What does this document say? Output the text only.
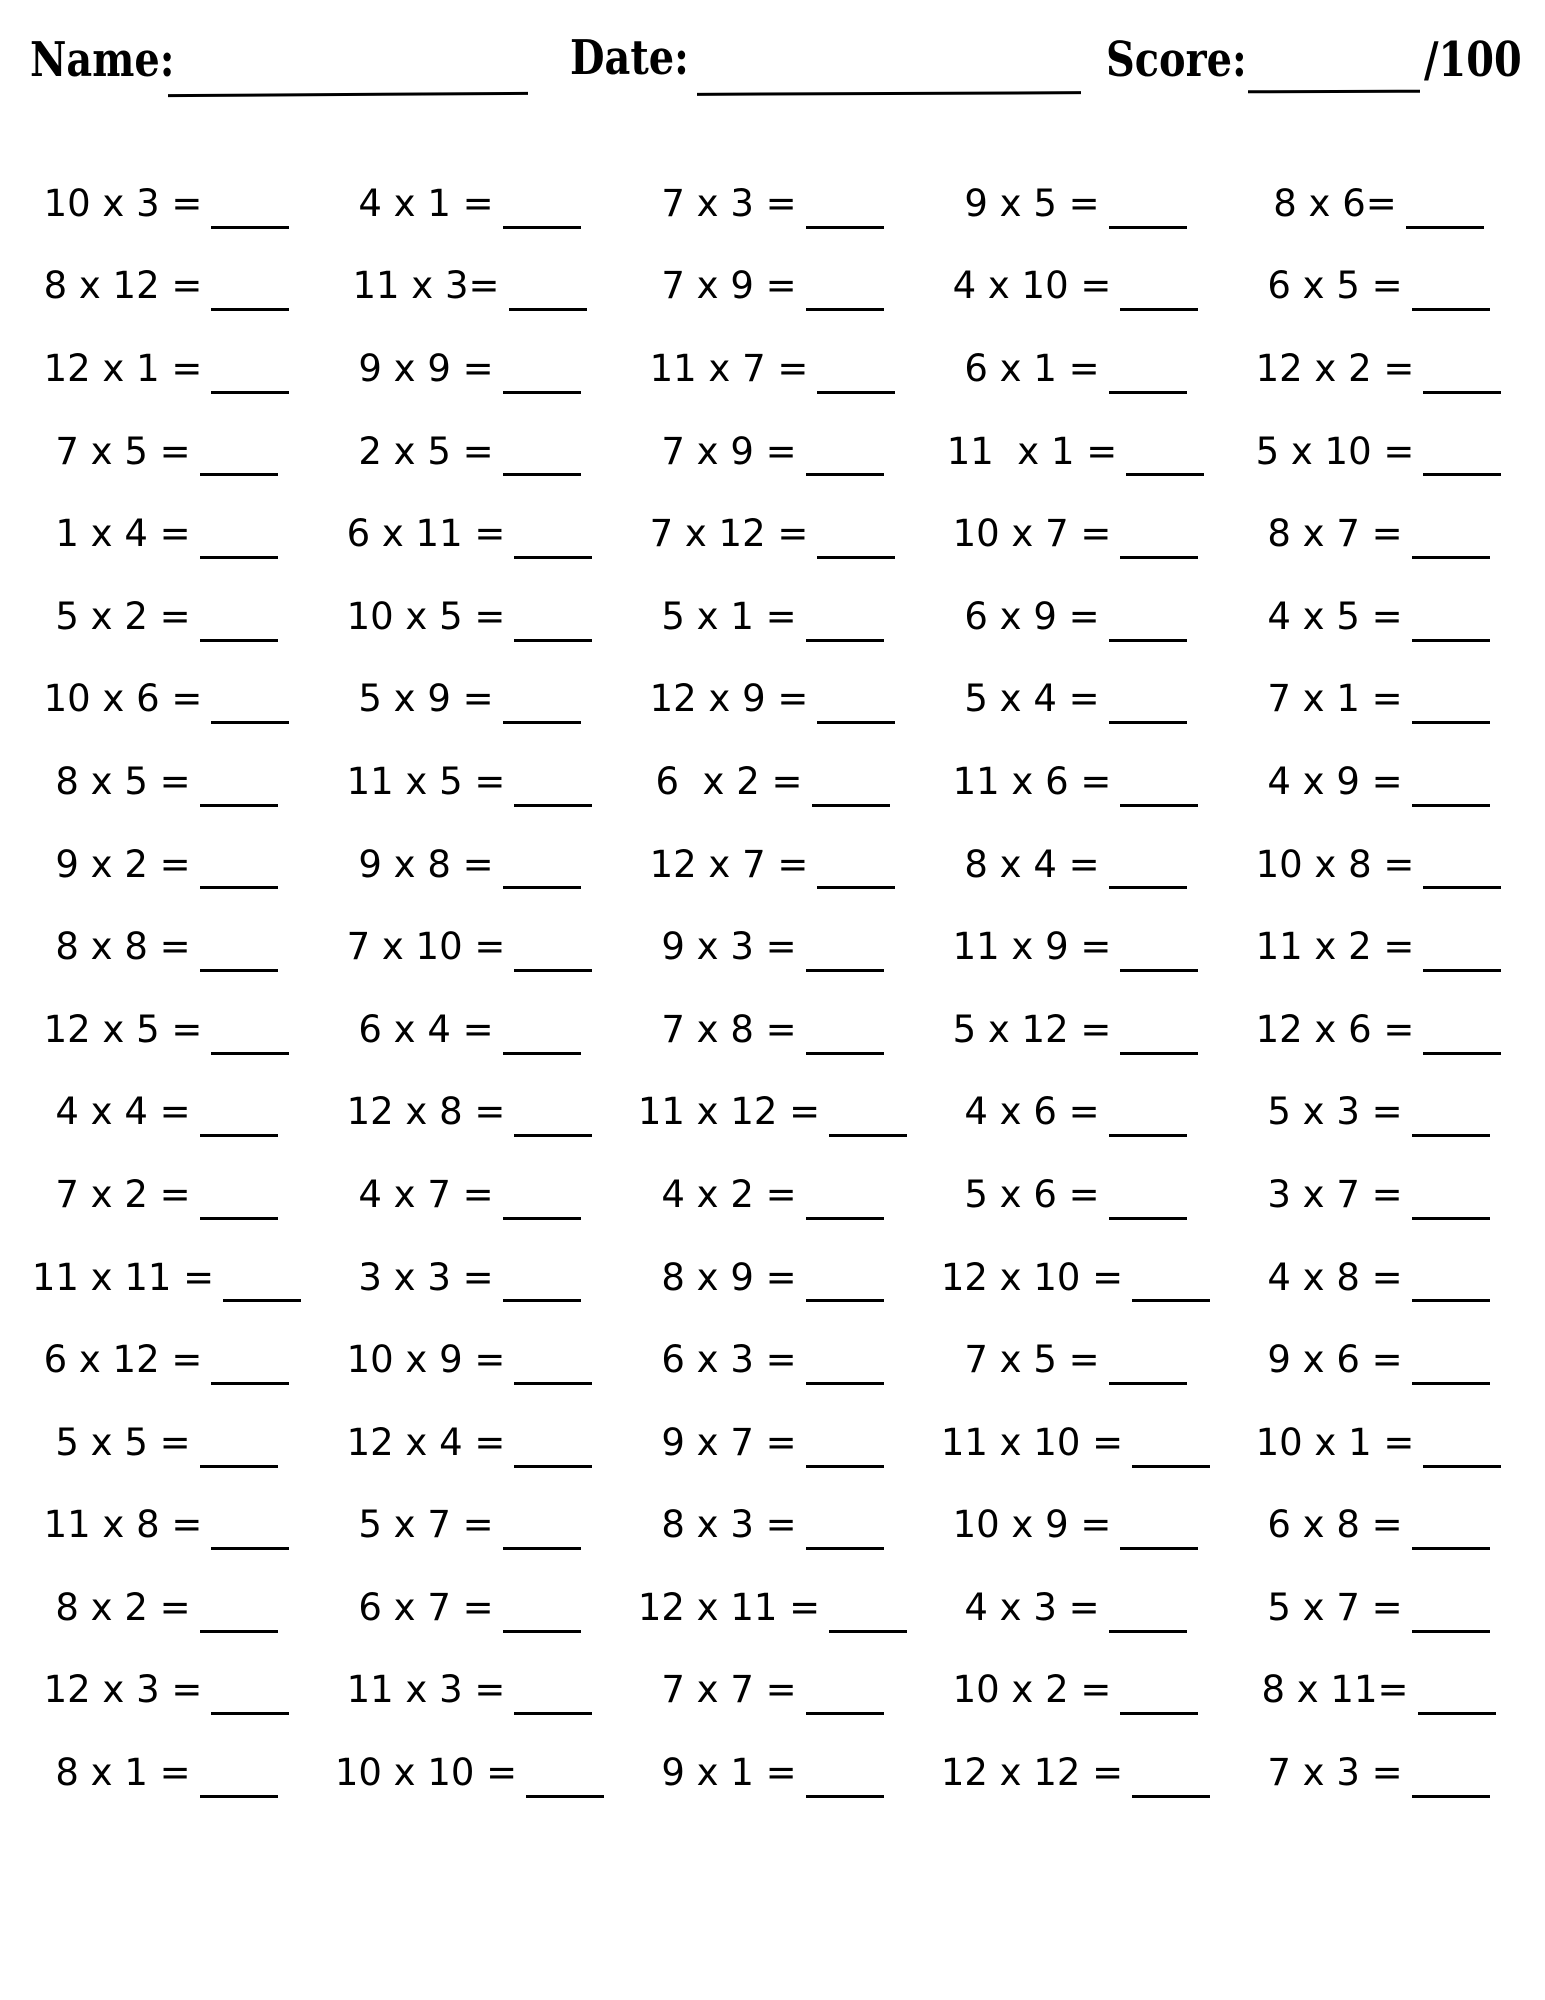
Name:	Date:	Score:	/100
10 x 3 =	4 x 1 =	7 x 3 =	9 x 5 =	8 x 6=
8 x 12 =	11 x 3=	7 x 9 =	4 x 10 =	6 x 5 =
12 x 1 =	9 x 9 =	11 x 7 =	6 x 1 =	12 x 2 =
7 x 5 =	2 x 5 =	7 x 9 =	11  x 1 =	5 x 10 =
1 x 4 =	6 x 11 =	7 x 12 =	10 x 7 =	8 x 7 =
5 x 2 =	10 x 5 =	5 x 1 =	6 x 9 =	4 x 5 =
10 x 6 =	5 x 9 =	12 x 9 =	5 x 4 =	7 x 1 =
8 x 5 =	11 x 5 =	6  x 2 =	11 x 6 =	4 x 9 =
9 x 2 =	9 x 8 =	12 x 7 =	8 x 4 =	10 x 8 =
8 x 8 =	7 x 10 =	9 x 3 =	11 x 9 =	11 x 2 =
12 x 5 =	6 x 4 =	7 x 8 =	5 x 12 =	12 x 6 =
4 x 4 =	12 x 8 =	11 x 12 =	4 x 6 =	5 x 3 =
7 x 2 =	4 x 7 =	4 x 2 =	5 x 6 =	3 x 7 =
11 x 11 =	3 x 3 =	8 x 9 =	12 x 10 =	4 x 8 =
6 x 12 =	10 x 9 =	6 x 3 =	7 x 5 =	9 x 6 =
5 x 5 =	12 x 4 =	9 x 7 =	11 x 10 =	10 x 1 =
11 x 8 =	5 x 7 =	8 x 3 =	10 x 9 =	6 x 8 =
8 x 2 =	6 x 7 =	12 x 11 =	4 x 3 =	5 x 7 =
12 x 3 =	11 x 3 =	7 x 7 =	10 x 2 =	8 x 11=
8 x 1 =	10 x 10 =	9 x 1 =	12 x 12 =	7 x 3 =
